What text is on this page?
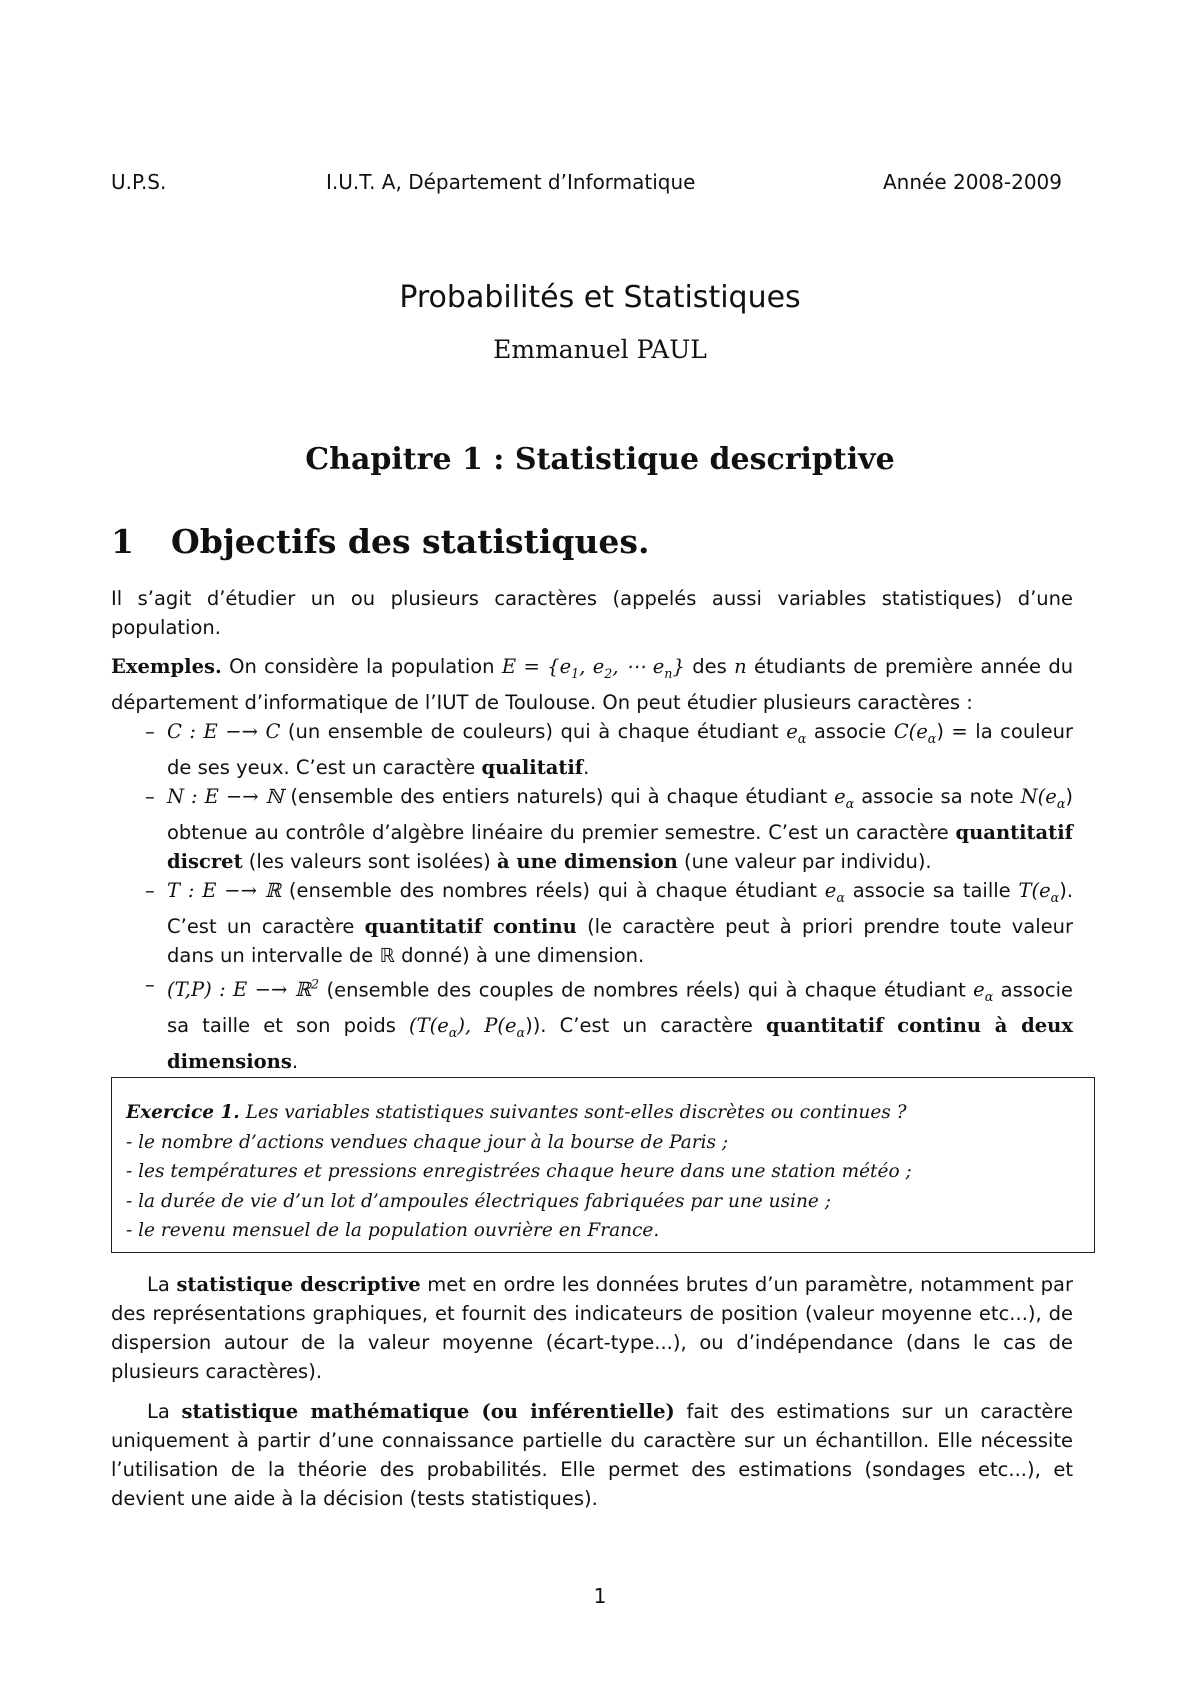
U.P.S.	I.U.T. A, Département d’Informatique	Année 2008-2009
Probabilités et Statistiques
Emmanuel PAUL
Chapitre 1 : Statistique descriptive
1 Objectifs des statistiques.
Il s’agit d’étudier un ou plusieurs caractères (appelés aussi variables statistiques) d’une population.
Exemples. On considère la population $E = \{e_1$, $e_2$, ⋯ $e_n$} des n étudiants de première année du département d’informatique de l’IUT de Toulouse. On peut étudier plusieurs caractères :
– C : E −→ C (un ensemble de couleurs) qui à chaque étudiant $e_\alpha$ associe $C(e_\alpha)$ = la couleur de ses yeux. C’est un caractère qualitatif.
– N : E −→ ℕ (ensemble des entiers naturels) qui à chaque étudiant $e_\alpha$ associe sa note $N(e_\alpha)$ obtenue au contrôle d’algèbre linéaire du premier semestre. C’est un caractère quantitatif discret (les valeurs sont isolées) à une dimension (une valeur par individu).
– T : E −→ ℝ (ensemble des nombres réels) qui à chaque étudiant $e_\alpha$ associe sa taille $T(e_\alpha)$. C’est un caractère quantitatif continu (le caractère peut à priori prendre toute valeur dans un intervalle de ℝ donné) à une dimension.
– (T,P) : E −→ ℝ$^2$ (ensemble des couples de nombres réels) qui à chaque étudiant $e_\alpha$ associe sa taille et son poids ($T(e_\alpha)$, $P(e_\alpha)$). C’est un caractère quantitatif continu à deux dimensions.
Exercice 1. Les variables statistiques suivantes sont-elles discrètes ou continues ?
- le nombre d’actions vendues chaque jour à la bourse de Paris ;
- les températures et pressions enregistrées chaque heure dans une station météo ;
- la durée de vie d’un lot d’ampoules électriques fabriquées par une usine ;
- le revenu mensuel de la population ouvrière en France.
La statistique descriptive met en ordre les données brutes d’un paramètre, notamment par des représentations graphiques, et fournit des indicateurs de position (valeur moyenne etc...), de dispersion autour de la valeur moyenne (écart-type...), ou d’indépendance (dans le cas de plusieurs caractères).
La statistique mathématique (ou inférentielle) fait des estimations sur un caractère uniquement à partir d’une connaissance partielle du caractère sur un échantillon. Elle nécessite l’utilisation de la théorie des probabilités. Elle permet des estimations (sondages etc...), et devient une aide à la décision (tests statistiques).
1
